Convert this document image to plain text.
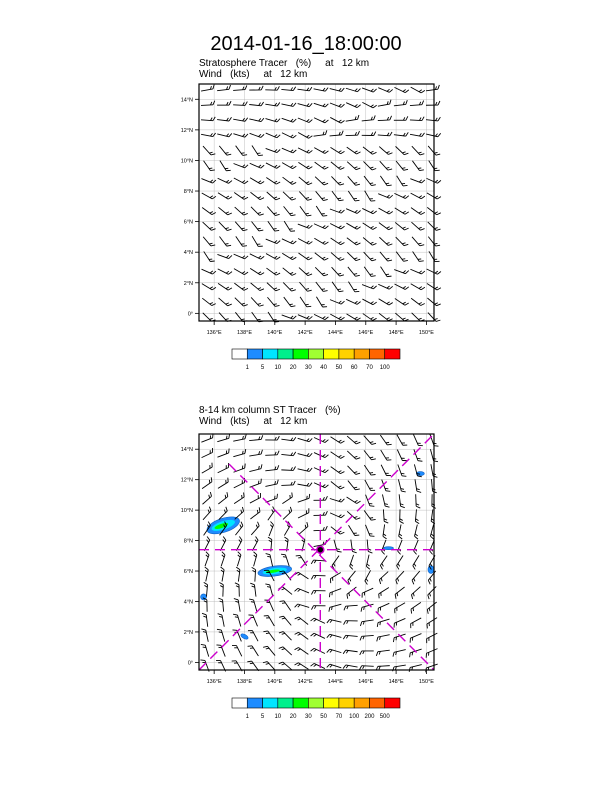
2014-01-16_18:00:00
Stratosphere Tracer   (%)     at   12 km
Wind   (kts)     at   12 km
8-14 km column ST Tracer   (%)
Wind   (kts)     at   12 km
136°E	138°E	140°E	142°E	144°E	146°E	148°E	150°E
0°
2°N
4°N
6°N
8°N
10°N
12°N
14°N
1 5 10 20 30 40 50 60 70 100
136°E	138°E	140°E	142°E	144°E	146°E	148°E	150°E
0°
2°N
4°N
6°N
8°N
10°N
12°N
14°N
1 5 10 20 30 50 70 100 200 500
